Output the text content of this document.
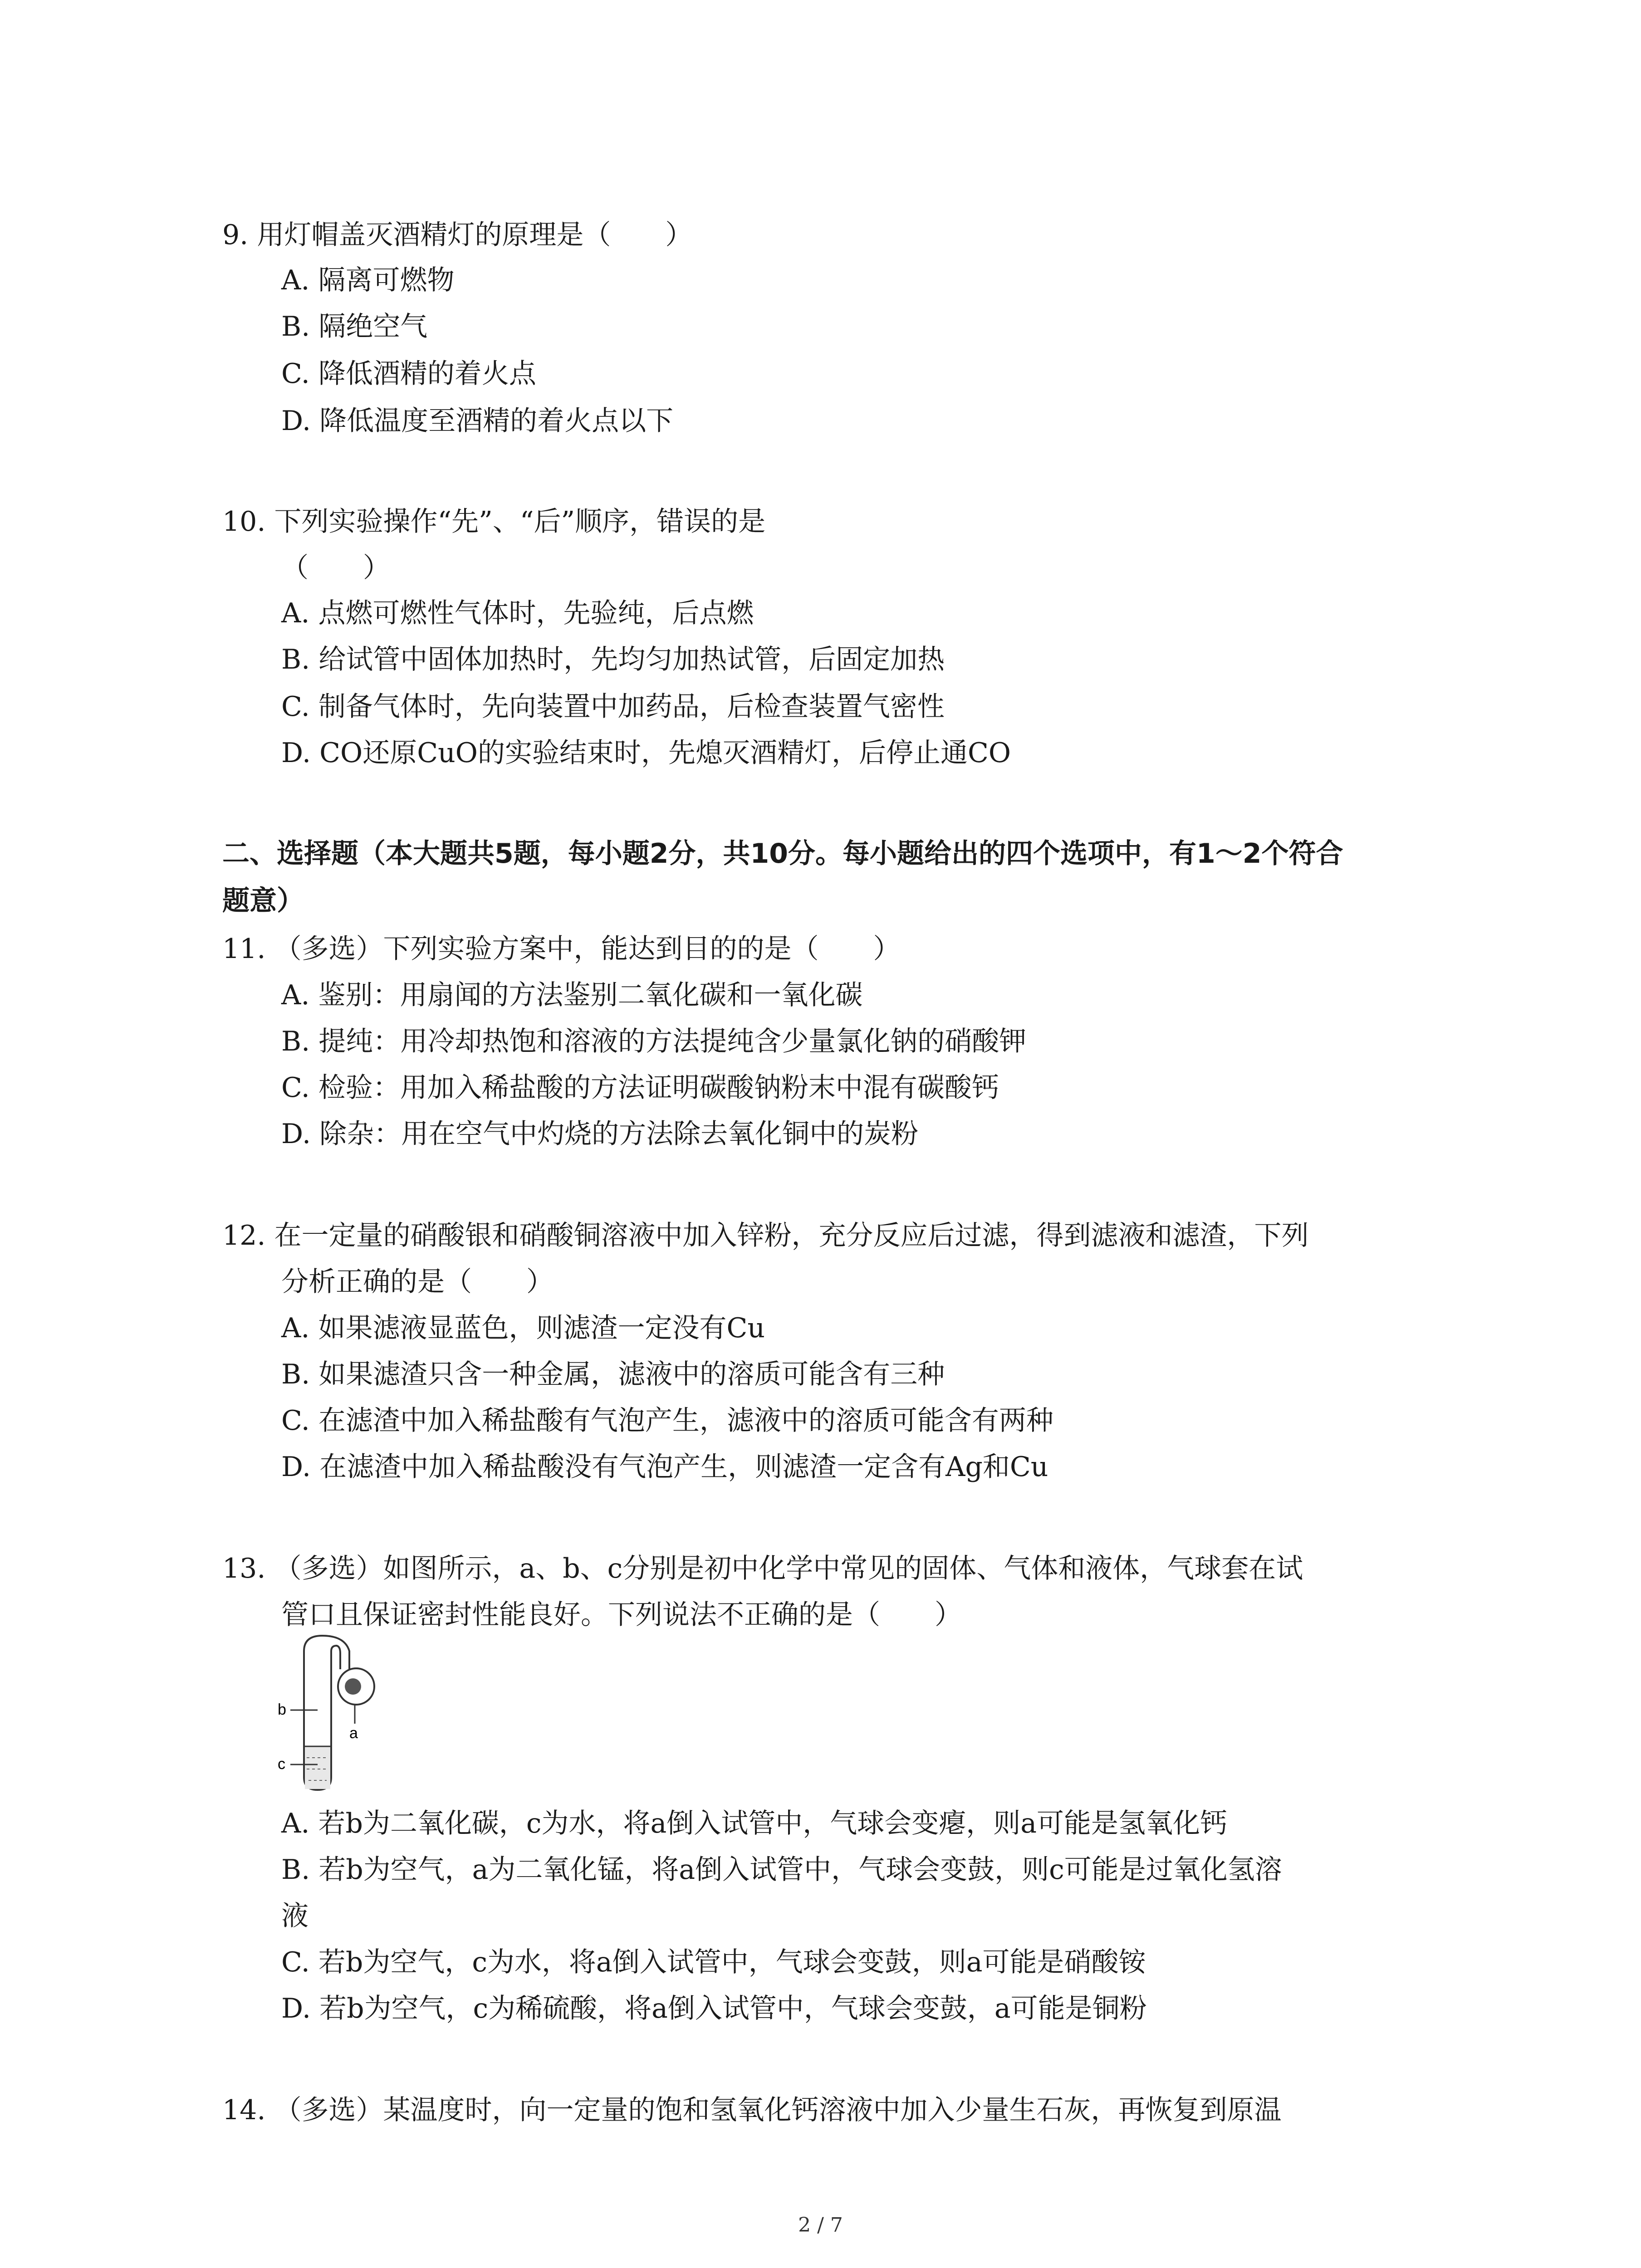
9. 用灯帽盖灭酒精灯的原理是（　　）
A. 隔离可燃物
B. 隔绝空气
C. 降低酒精的着火点
D. 降低温度至酒精的着火点以下
10. 下列实验操作“先”、“后”顺序，错误的是
（　　）
A. 点燃可燃性气体时，先验纯，后点燃
B. 给试管中固体加热时，先均匀加热试管，后固定加热
C. 制备气体时，先向装置中加药品，后检查装置气密性
D. CO还原CuO的实验结束时，先熄灭酒精灯，后停止通CO
二、选择题（本大题共5题，每小题2分，共10分。每小题给出的四个选项中，有1～2个符合
题意）
11. （多选）下列实验方案中，能达到目的的是（　　）
A. 鉴别：用扇闻的方法鉴别二氧化碳和一氧化碳
B. 提纯：用冷却热饱和溶液的方法提纯含少量氯化钠的硝酸钾
C. 检验：用加入稀盐酸的方法证明碳酸钠粉末中混有碳酸钙
D. 除杂：用在空气中灼烧的方法除去氧化铜中的炭粉
12. 在一定量的硝酸银和硝酸铜溶液中加入锌粉，充分反应后过滤，得到滤液和滤渣，下列
分析正确的是（　　）
A. 如果滤液显蓝色，则滤渣一定没有Cu
B. 如果滤渣只含一种金属，滤液中的溶质可能含有三种
C. 在滤渣中加入稀盐酸有气泡产生，滤液中的溶质可能含有两种
D. 在滤渣中加入稀盐酸没有气泡产生，则滤渣一定含有Ag和Cu
13. （多选）如图所示，a、b、c分别是初中化学中常见的固体、气体和液体，气球套在试
管口且保证密封性能良好。下列说法不正确的是（　　）
b
c
a
A. 若b为二氧化碳，c为水，将a倒入试管中，气球会变瘪，则a可能是氢氧化钙
B. 若b为空气，a为二氧化锰，将a倒入试管中，气球会变鼓，则c可能是过氧化氢溶
液
C. 若b为空气，c为水，将a倒入试管中，气球会变鼓，则a可能是硝酸铵
D. 若b为空气，c为稀硫酸，将a倒入试管中，气球会变鼓，a可能是铜粉
14. （多选）某温度时，向一定量的饱和氢氧化钙溶液中加入少量生石灰，再恢复到原温
2 / 7
